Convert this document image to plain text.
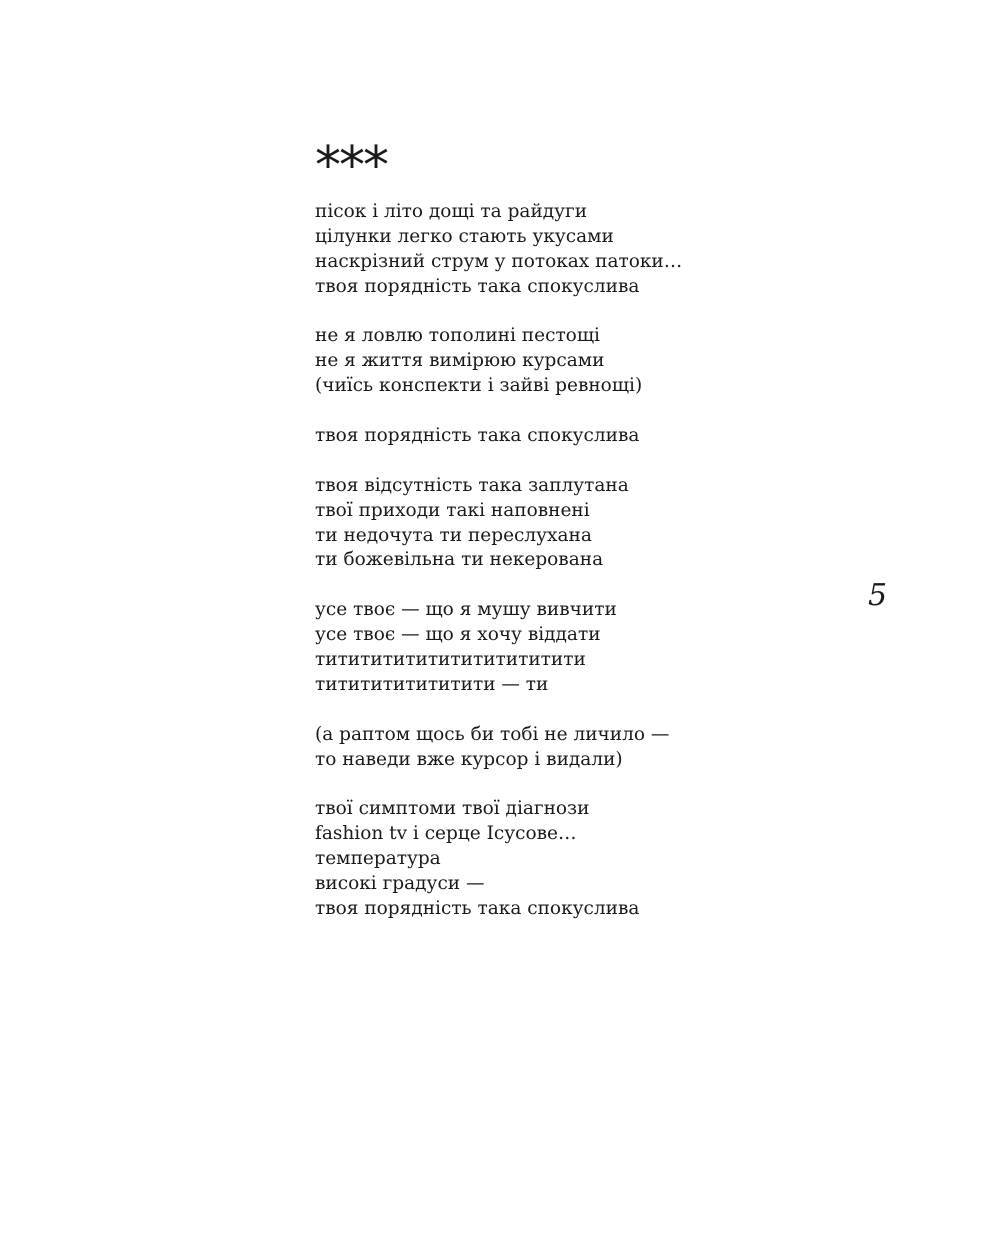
***
пісок і літо дощі та райдуги
цілунки легко стають укусами
наскрізний струм у потоках патоки…
твоя порядність така спокуслива
не я ловлю тополині пестощі
не я життя вимірюю курсами
(чиїсь конспекти і зайві ревнощі)
твоя порядність така спокуслива
твоя відсутність така заплутана
твої приходи такі наповнені
ти недочута ти переслухана
ти божевільна ти некерована
усе твоє — що я мушу вивчити
усе твоє — що я хочу віддати
тититититититититититити
тититититититити — ти
(а раптом щось би тобі не личило —
то наведи вже курсор і видали)
твої симптоми твої діагнози
fashion tv і серце Ісусове…
температура
високі градуси —
твоя порядність така спокуслива
5
